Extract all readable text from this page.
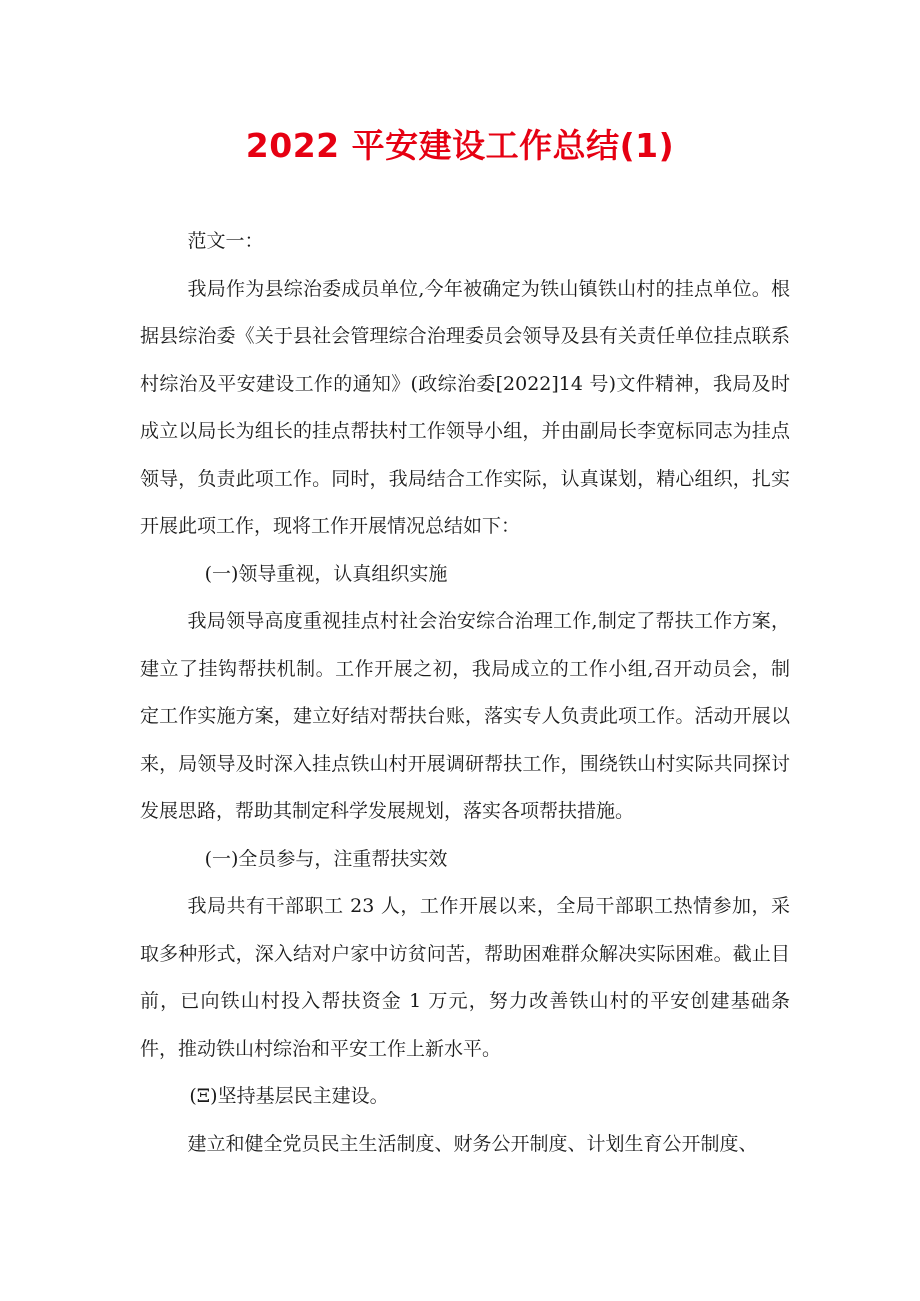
2022 平安建设工作总结(1)

范文一：

我局作为县综治委成员单位,今年被确定为铁山镇铁山村的挂点单位。根据县综治委《关于县社会管理综合治理委员会领导及县有关责任单位挂点联系村综治及平安建设工作的通知》(政综治委[2022]14 号)文件精神，我局及时成立以局长为组长的挂点帮扶村工作领导小组，并由副局长李宽标同志为挂点领导，负责此项工作。同时，我局结合工作实际，认真谋划，精心组织，扎实开展此项工作，现将工作开展情况总结如下：

(一)领导重视，认真组织实施

我局领导高度重视挂点村社会治安综合治理工作,制定了帮扶工作方案，建立了挂钩帮扶机制。工作开展之初，我局成立的工作小组,召开动员会，制定工作实施方案，建立好结对帮扶台账，落实专人负责此项工作。活动开展以来，局领导及时深入挂点铁山村开展调研帮扶工作，围绕铁山村实际共同探讨发展思路，帮助其制定科学发展规划，落实各项帮扶措施。

(一)全员参与，注重帮扶实效

我局共有干部职工 23 人，工作开展以来，全局干部职工热情参加，采取多种形式，深入结对户家中访贫问苦，帮助困难群众解决实际困难。截止目前，已向铁山村投入帮扶资金 1 万元，努力改善铁山村的平安创建基础条件，推动铁山村综治和平安工作上新水平。

(Ξ)坚持基层民主建设。

建立和健全党员民主生活制度、财务公开制度、计划生育公开制度、
